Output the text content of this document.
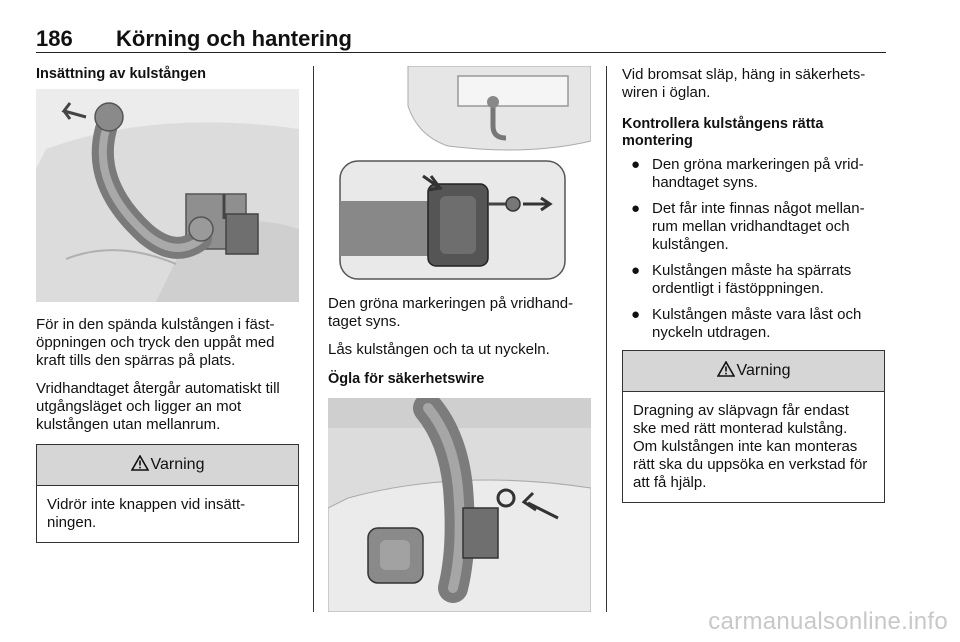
186 Körning och hantering
Insättning av kulstången

För in den spända kulstången i fäst-öppningen och tryck den uppåt med kraft tills den spärras på plats.

Vridhandtaget återgår automatiskt till utgångsläget och ligger an mot kulstången utan mellanrum.

Varning
Vidrör inte knappen vid insätt-ningen.

Den gröna markeringen på vridhand-taget syns.

Lås kulstången och ta ut nyckeln.

Ögla för säkerhetswire

Vid bromsat släp, häng in säkerhets-wiren i öglan.

Kontrollera kulstångens rätta montering
● Den gröna markeringen på vrid-handtaget syns.
● Det får inte finnas något mellan-rum mellan vridhandtaget och kulstången.
● Kulstången måste ha spärrats ordentligt i fästöppningen.
● Kulstången måste vara låst och nyckeln utdragen.
Varning
Dragning av släpvagn får endast ske med rätt monterad kulstång. Om kulstången inte kan monteras rätt ska du uppsöka en verkstad för att få hjälp.
carmanualsonline.info
